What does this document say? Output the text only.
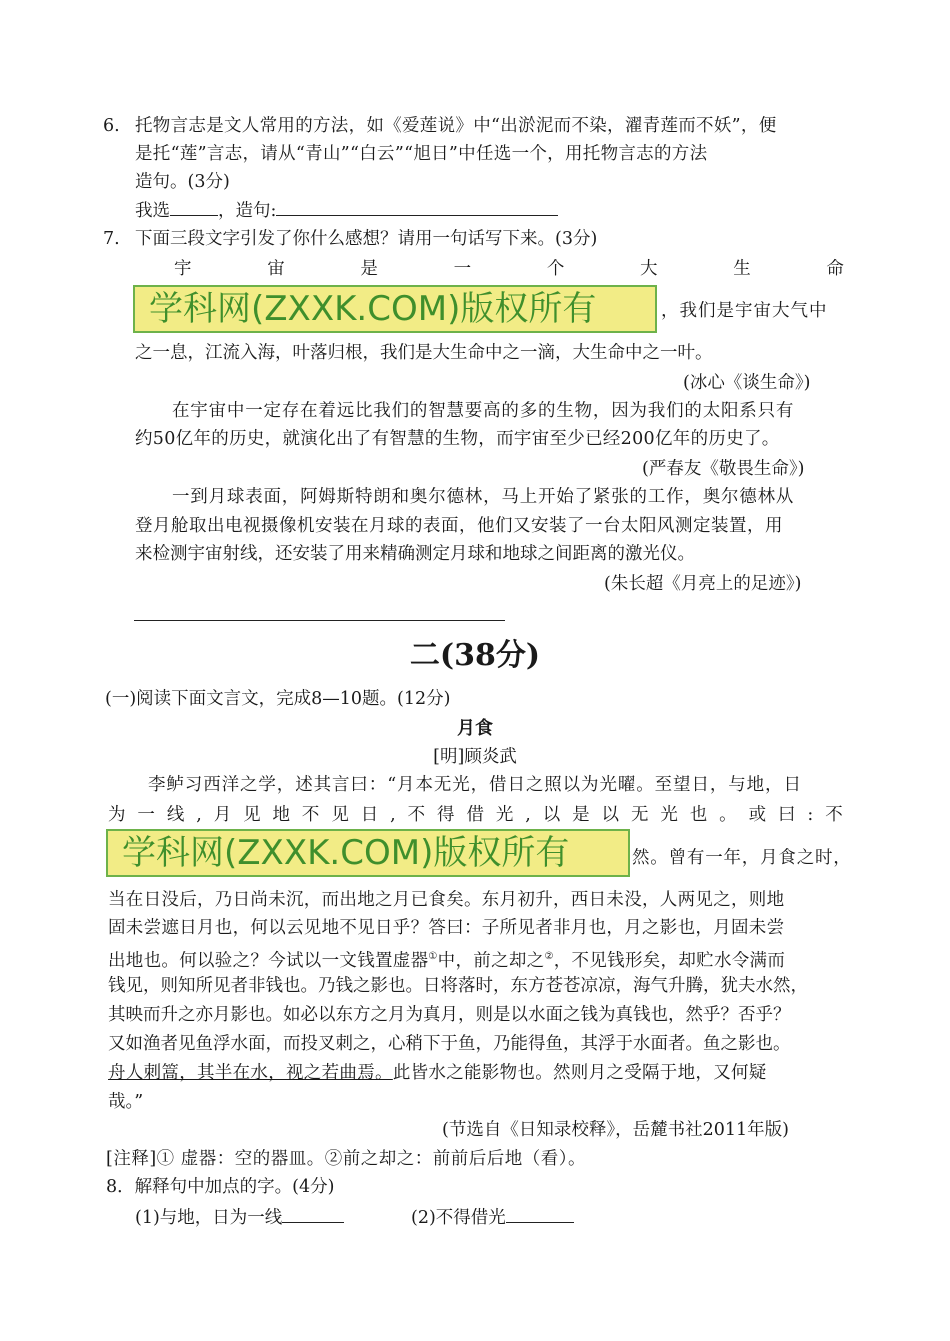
6. 托物言志是文人常用的方法，如《爱莲说》中“出淤泥而不染，濯青莲而不妖”，便
是托“莲”言志，请从“青山”“白云”“旭日”中任选一个，用托物言志的方法
造句。(3分)
我选	，造句:
7. 下面三段文字引发了你什么感想？请用一句话写下来。(3分)
宇	宙	是	一	个	大	生	命
学科网(ZXXK.COM)版权所有	，我们是宇宙大气中
之一息，江流入海，叶落归根，我们是大生命中之一滴，大生命中之一叶。
(冰心《谈生命》)
在宇宙中一定存在着远比我们的智慧要高的多的生物，因为我们的太阳系只有
约50亿年的历史，就演化出了有智慧的生物，而宇宙至少已经200亿年的历史了。
(严春友《敬畏生命》)
一到月球表面，阿姆斯特朗和奥尔德林，马上开始了紧张的工作，奥尔德林从
登月舱取出电视摄像机安装在月球的表面，他们又安装了一台太阳风测定装置，用
来检测宇宙射线，还安装了用来精确测定月球和地球之间距离的激光仪。
(朱长超《月亮上的足迹》)
二(38分)
(一)阅读下面文言文，完成8—10题。(12分)
月食
[明]顾炎武
李鲈习西洋之学，述其言曰：“月本无光，借日之照以为光曜。至望日，与地，日
为 一 线 , 月 见 地 不 见 日 , 不 得 借 光 , 以 是 以 无 光 也 。 或 曰 : 不
学科网(ZXXK.COM)版权所有	然。曾有一年，月食之时，
当在日没后，乃日尚未沉，而出地之月已食矣。东月初升，西日未没，人两见之，则地
固未尝遮日月也，何以云见地不见日乎？答曰：子所见者非月也，月之影也，月固未尝
出地也。何以验之？今试以一文钱置虚器①中，前之却之②，不见钱形矣，却贮水令满而
钱见，则知所见者非钱也。乃钱之影也。日将落时，东方苍苍凉凉，海气升腾，犹夫水然，
其映而升之亦月影也。如必以东方之月为真月，则是以水面之钱为真钱也，然乎？否乎？
又如渔者见鱼浮水面，而投叉刺之，心稍下于鱼，乃能得鱼，其浮于水面者。鱼之影也。
舟人刺篙，其半在水，视之若曲焉。此皆水之能影物也。然则月之受隔于地，又何疑
哉。”
(节选自《日知录校释》，岳麓书社2011年版)
[注释]① 虚器：空的器皿。②前之却之：前前后后地（看）。
8．解释句中加点的字。(4分)
(1)与地，日为一线	(2)不得借光
